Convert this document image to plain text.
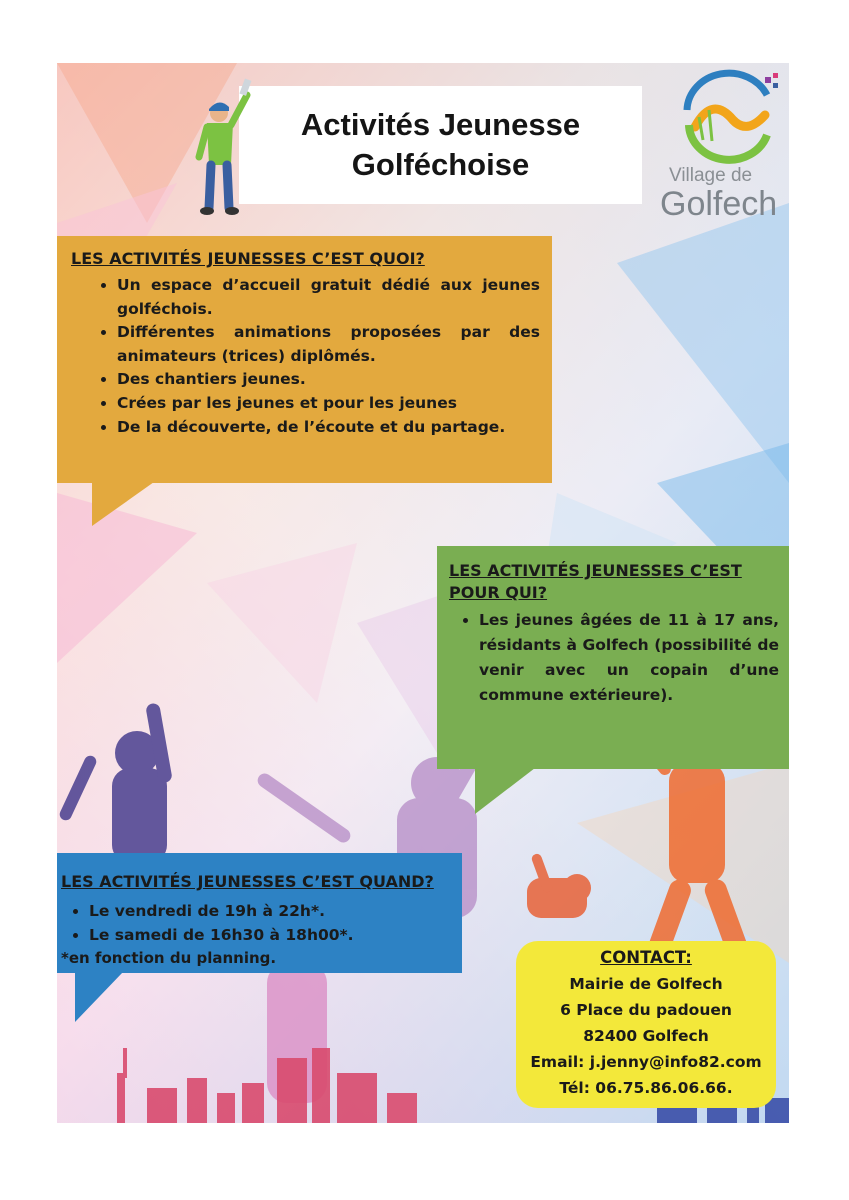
Activités Jeunesse
Golféchoise	Village de
Golfech
LES ACTIVITÉS JEUNESSES C’EST QUOI?
• Un espace d’accueil gratuit dédié aux jeunes golféchois.
• Différentes animations proposées par des animateurs (trices) diplômés.
• Des chantiers jeunes.
• Crées par les jeunes et pour les jeunes
• De la découverte, de l’écoute et du partage.
LES ACTIVITÉS JEUNESSES C’EST POUR QUI?
• Les jeunes âgées de 11 à 17 ans, résidants à Golfech (possibilité de venir avec un copain d’une commune extérieure).
LES ACTIVITÉS JEUNESSES C’EST QUAND?
• Le vendredi de 19h à 22h*.
• Le samedi de 16h30 à 18h00*.
*en fonction du planning.	CONTACT:
Mairie de Golfech
6 Place du padouen
82400 Golfech
Email: j.jenny@info82.com
Tél: 06.75.86.06.66.
